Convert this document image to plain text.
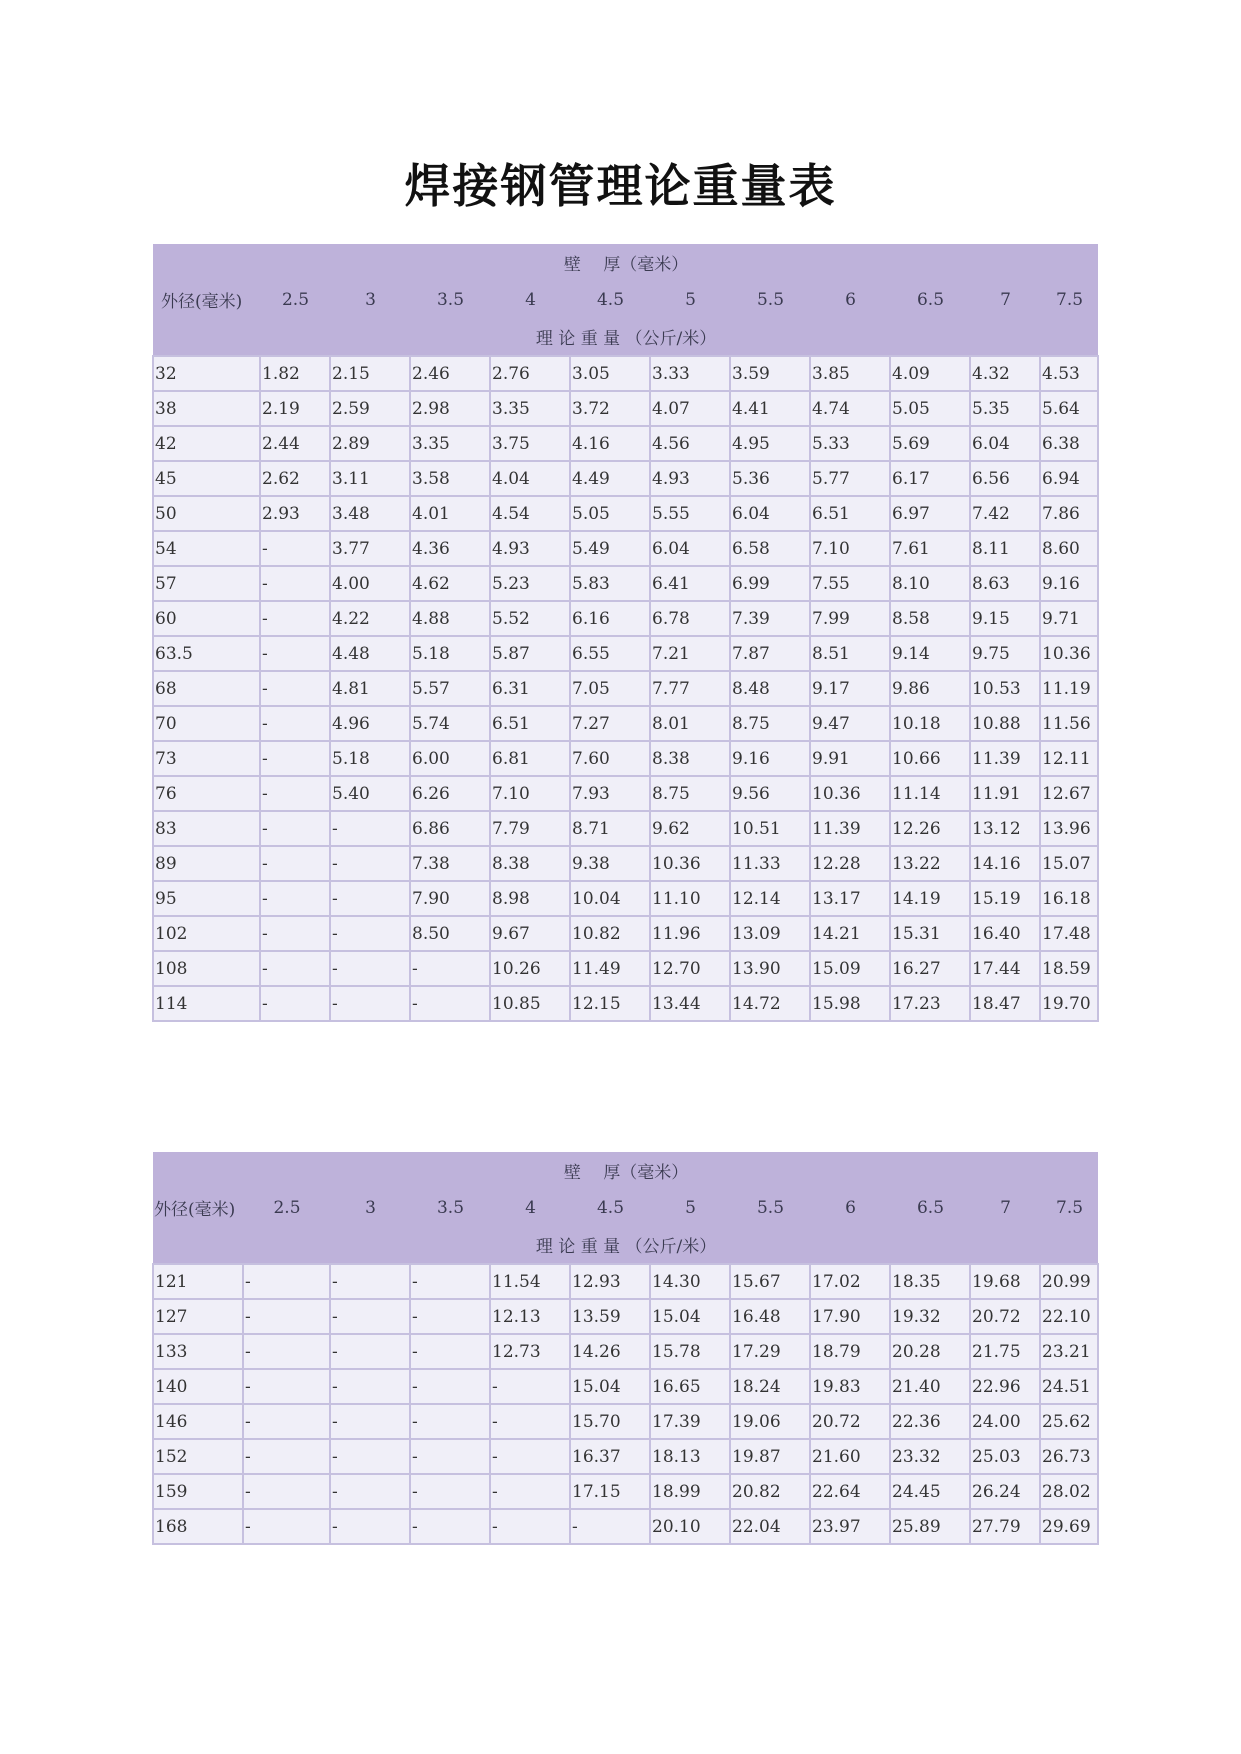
焊接钢管理论重量表
壁　 厚（毫米）											
外径(毫米)	2.5	3	3.5	4	4.5	5	5.5	6	6.5	7	7.5
理 论 重 量 （公斤/米）											
32	1.82	2.15	2.46	2.76	3.05	3.33	3.59	3.85	4.09	4.32	4.53
38	2.19	2.59	2.98	3.35	3.72	4.07	4.41	4.74	5.05	5.35	5.64
42	2.44	2.89	3.35	3.75	4.16	4.56	4.95	5.33	5.69	6.04	6.38
45	2.62	3.11	3.58	4.04	4.49	4.93	5.36	5.77	6.17	6.56	6.94
50	2.93	3.48	4.01	4.54	5.05	5.55	6.04	6.51	6.97	7.42	7.86
54	-	3.77	4.36	4.93	5.49	6.04	6.58	7.10	7.61	8.11	8.60
57	-	4.00	4.62	5.23	5.83	6.41	6.99	7.55	8.10	8.63	9.16
60	-	4.22	4.88	5.52	6.16	6.78	7.39	7.99	8.58	9.15	9.71
63.5	-	4.48	5.18	5.87	6.55	7.21	7.87	8.51	9.14	9.75	10.36
68	-	4.81	5.57	6.31	7.05	7.77	8.48	9.17	9.86	10.53	11.19
70	-	4.96	5.74	6.51	7.27	8.01	8.75	9.47	10.18	10.88	11.56
73	-	5.18	6.00	6.81	7.60	8.38	9.16	9.91	10.66	11.39	12.11
76	-	5.40	6.26	7.10	7.93	8.75	9.56	10.36	11.14	11.91	12.67
83	-	-	6.86	7.79	8.71	9.62	10.51	11.39	12.26	13.12	13.96
89	-	-	7.38	8.38	9.38	10.36	11.33	12.28	13.22	14.16	15.07
95	-	-	7.90	8.98	10.04	11.10	12.14	13.17	14.19	15.19	16.18
102	-	-	8.50	9.67	10.82	11.96	13.09	14.21	15.31	16.40	17.48
108	-	-	-	10.26	11.49	12.70	13.90	15.09	16.27	17.44	18.59
114	-	-	-	10.85	12.15	13.44	14.72	15.98	17.23	18.47	19.70
壁　 厚（毫米）											
外径(毫米)	2.5	3	3.5	4	4.5	5	5.5	6	6.5	7	7.5
理 论 重 量 （公斤/米）											
121	-	-	-	11.54	12.93	14.30	15.67	17.02	18.35	19.68	20.99
127	-	-	-	12.13	13.59	15.04	16.48	17.90	19.32	20.72	22.10
133	-	-	-	12.73	14.26	15.78	17.29	18.79	20.28	21.75	23.21
140	-	-	-	-	15.04	16.65	18.24	19.83	21.40	22.96	24.51
146	-	-	-	-	15.70	17.39	19.06	20.72	22.36	24.00	25.62
152	-	-	-	-	16.37	18.13	19.87	21.60	23.32	25.03	26.73
159	-	-	-	-	17.15	18.99	20.82	22.64	24.45	26.24	28.02
168	-	-	-	-	-	20.10	22.04	23.97	25.89	27.79	29.69
